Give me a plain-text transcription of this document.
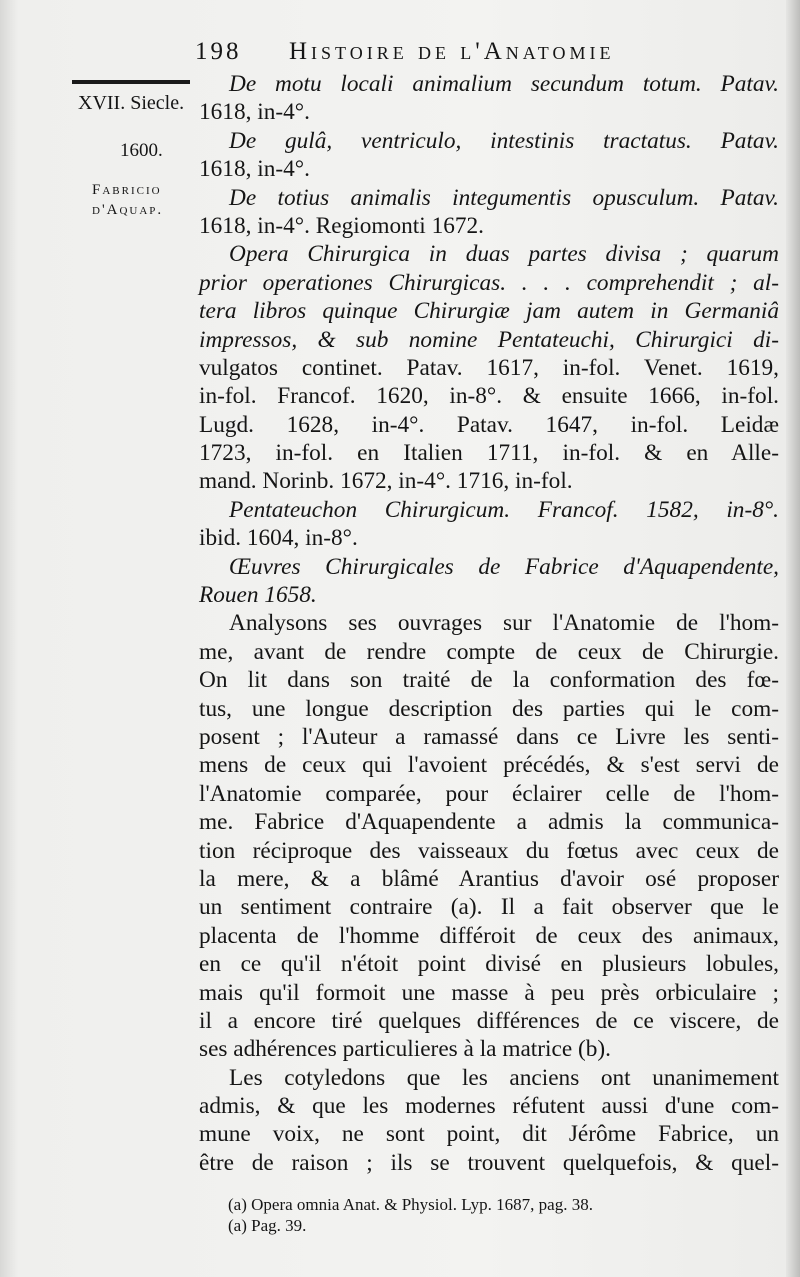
198 Histoire de l'Anatomie
XVII. Siecle.
1600.
Fabricio
d'Aquap.
De motu locali animalium secundum totum. Patav.
1618, in-4°.
De gulâ, ventriculo, intestinis tractatus. Patav.
1618, in-4°.
De totius animalis integumentis opusculum. Patav.
1618, in-4°. Regiomonti 1672.
Opera Chirurgica in duas partes divisa ; quarum
prior operationes Chirurgicas. . . . comprehendit ; al-
tera libros quinque Chirurgiæ jam autem in Germaniâ
impressos, & sub nomine Pentateuchi, Chirurgici di-
vulgatos continet. Patav. 1617, in-fol. Venet. 1619,
in-fol. Francof. 1620, in-8°. & ensuite 1666, in-fol.
Lugd. 1628, in-4°. Patav. 1647, in-fol. Leidæ
1723, in-fol. en Italien 1711, in-fol. & en Alle-
mand. Norinb. 1672, in-4°. 1716, in-fol.
Pentateuchon Chirurgicum. Francof. 1582, in-8°.
ibid. 1604, in-8°.
Œuvres Chirurgicales de Fabrice d'Aquapendente,
Rouen 1658.
Analysons ses ouvrages sur l'Anatomie de l'hom-
me, avant de rendre compte de ceux de Chirurgie.
On lit dans son traité de la conformation des fœ-
tus, une longue description des parties qui le com-
posent ; l'Auteur a ramassé dans ce Livre les senti-
mens de ceux qui l'avoient précédés, & s'est servi de
l'Anatomie comparée, pour éclairer celle de l'hom-
me. Fabrice d'Aquapendente a admis la communica-
tion réciproque des vaisseaux du fœtus avec ceux de
la mere, & a blâmé Arantius d'avoir osé proposer
un sentiment contraire (a). Il a fait observer que le
placenta de l'homme différoit de ceux des animaux,
en ce qu'il n'étoit point divisé en plusieurs lobules,
mais qu'il formoit une masse à peu près orbiculaire ;
il a encore tiré quelques différences de ce viscere, de
ses adhérences particulieres à la matrice (b).
Les cotyledons que les anciens ont unanimement
admis, & que les modernes réfutent aussi d'une com-
mune voix, ne sont point, dit Jérôme Fabrice, un
être de raison ; ils se trouvent quelquefois, & quel-
(a) Opera omnia Anat. & Physiol. Lyp. 1687, pag. 38.
(a) Pag. 39.
